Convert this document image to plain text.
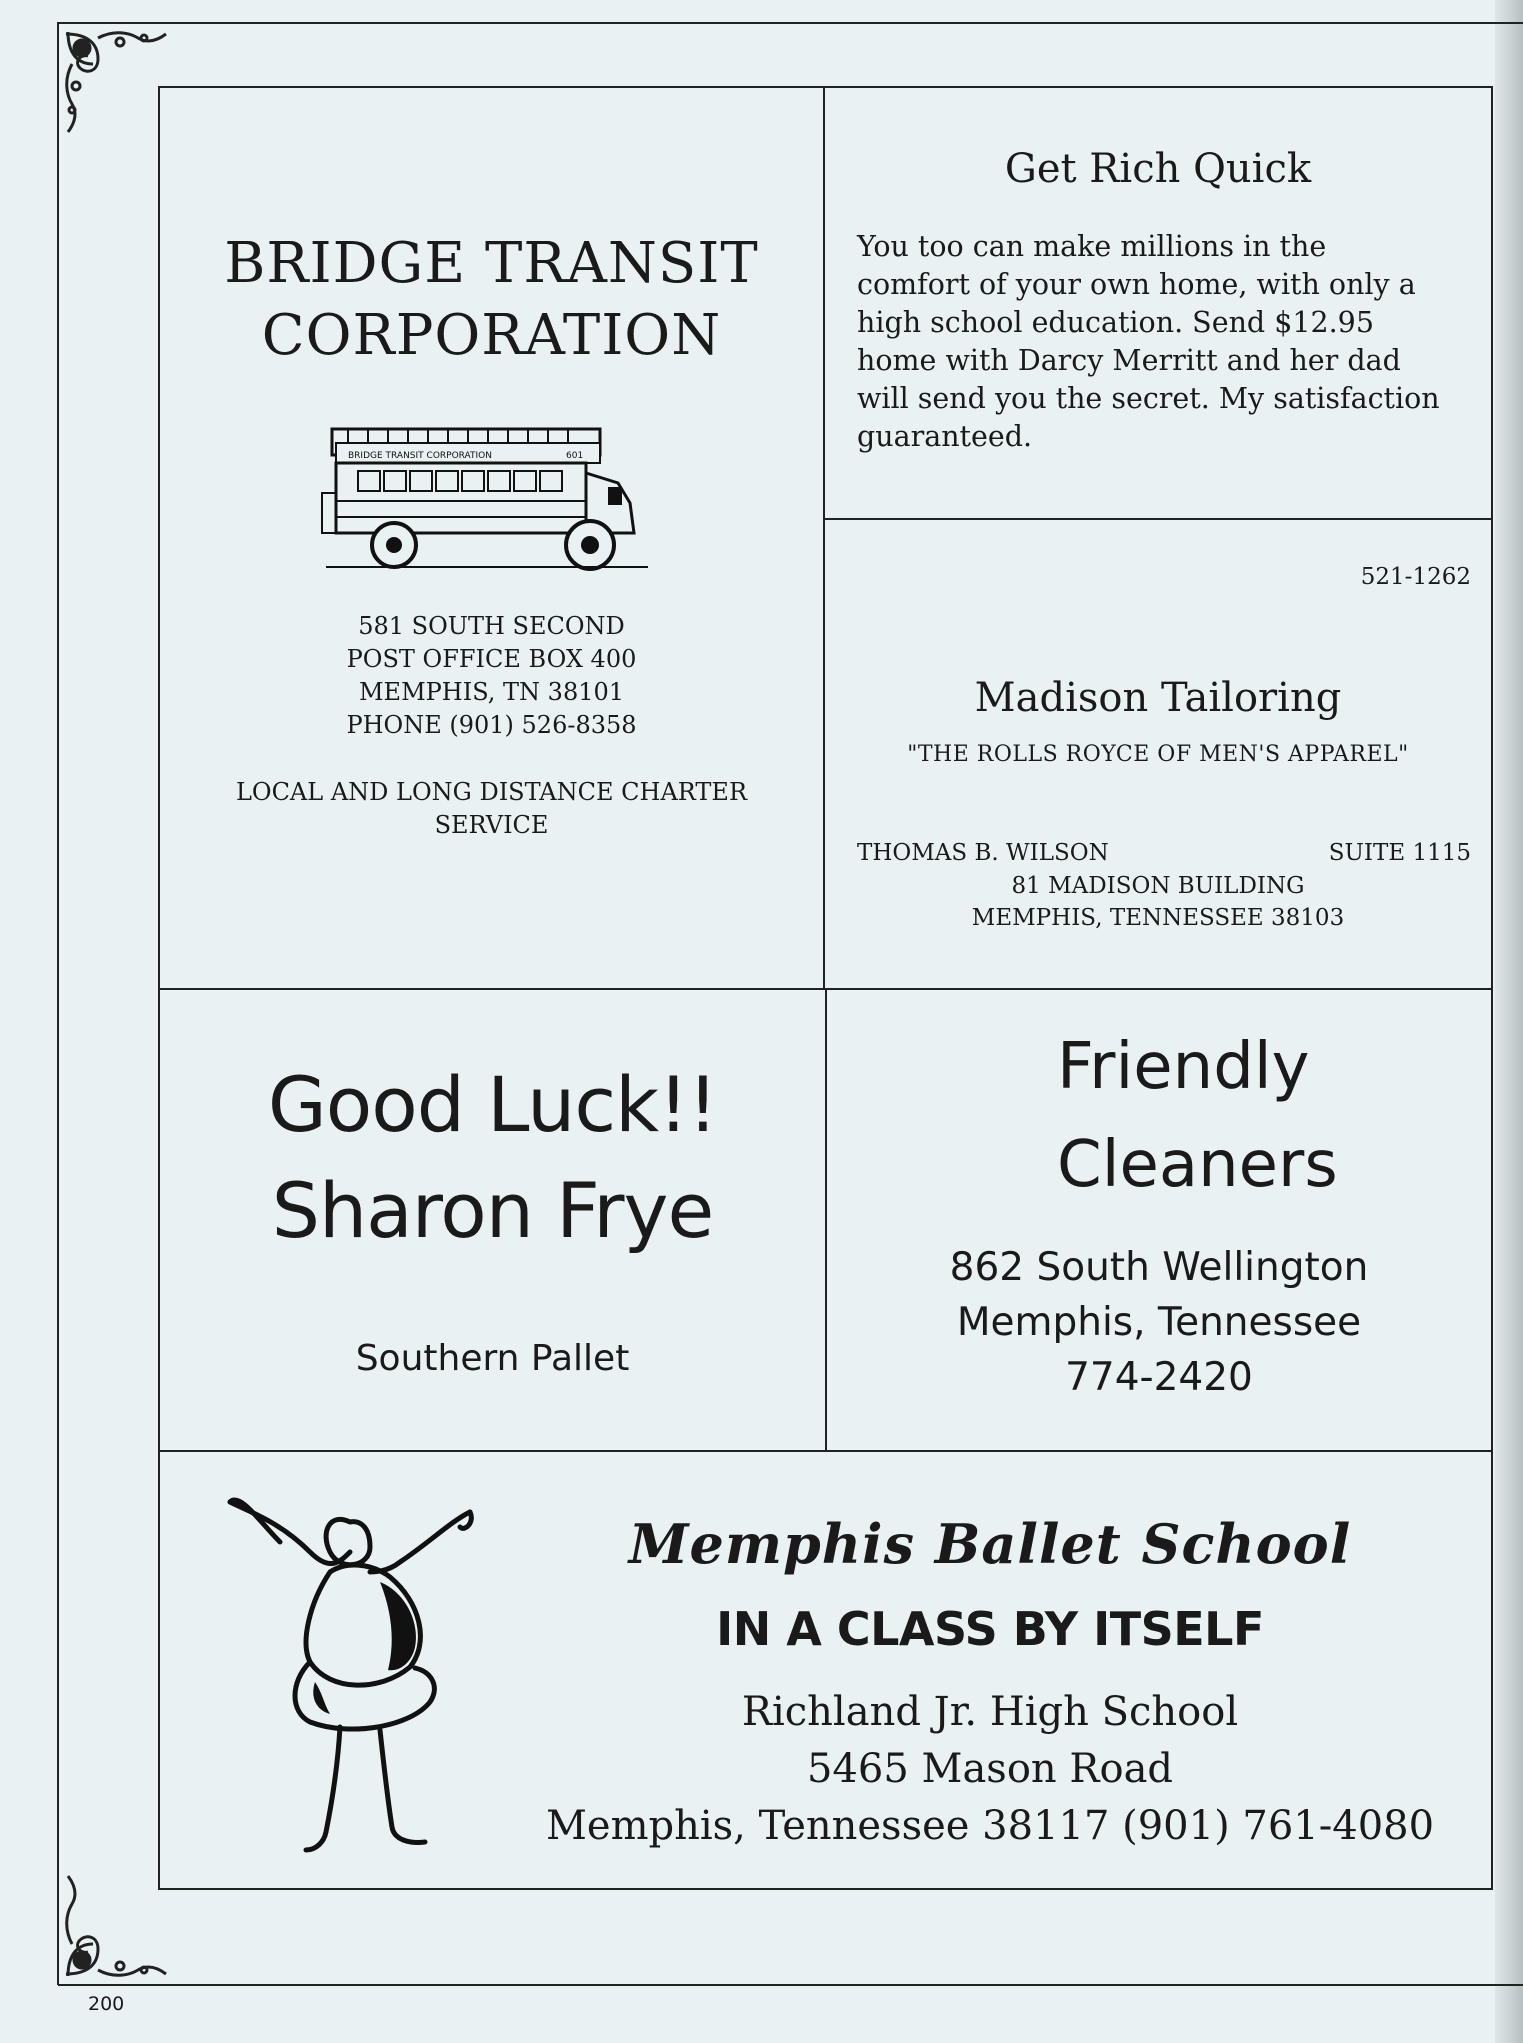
BRIDGE TRANSIT
CORPORATION
BRIDGE TRANSIT CORPORATION	601
581 SOUTH SECOND
POST OFFICE BOX 400
MEMPHIS, TN 38101
PHONE (901) 526-8358
LOCAL AND LONG DISTANCE CHARTER
SERVICE
Get Rich Quick
You too can make millions in the
comfort of your own home, with only a
high school education. Send $12.95
home with Darcy Merritt and her dad
will send you the secret. My satisfaction
guaranteed.
521-1262
Madison Tailoring
"THE ROLLS ROYCE OF MEN'S APPAREL"
THOMAS B. WILSON	SUITE 1115
81 MADISON BUILDING
MEMPHIS, TENNESSEE 38103
Good Luck!!
Sharon Frye
Southern Pallet
Friendly
Cleaners
862 South Wellington
Memphis, Tennessee
774-2420
Memphis Ballet School
IN A CLASS BY ITSELF
Richland Jr. High School
5465 Mason Road
Memphis, Tennessee 38117 (901) 761-4080
200
